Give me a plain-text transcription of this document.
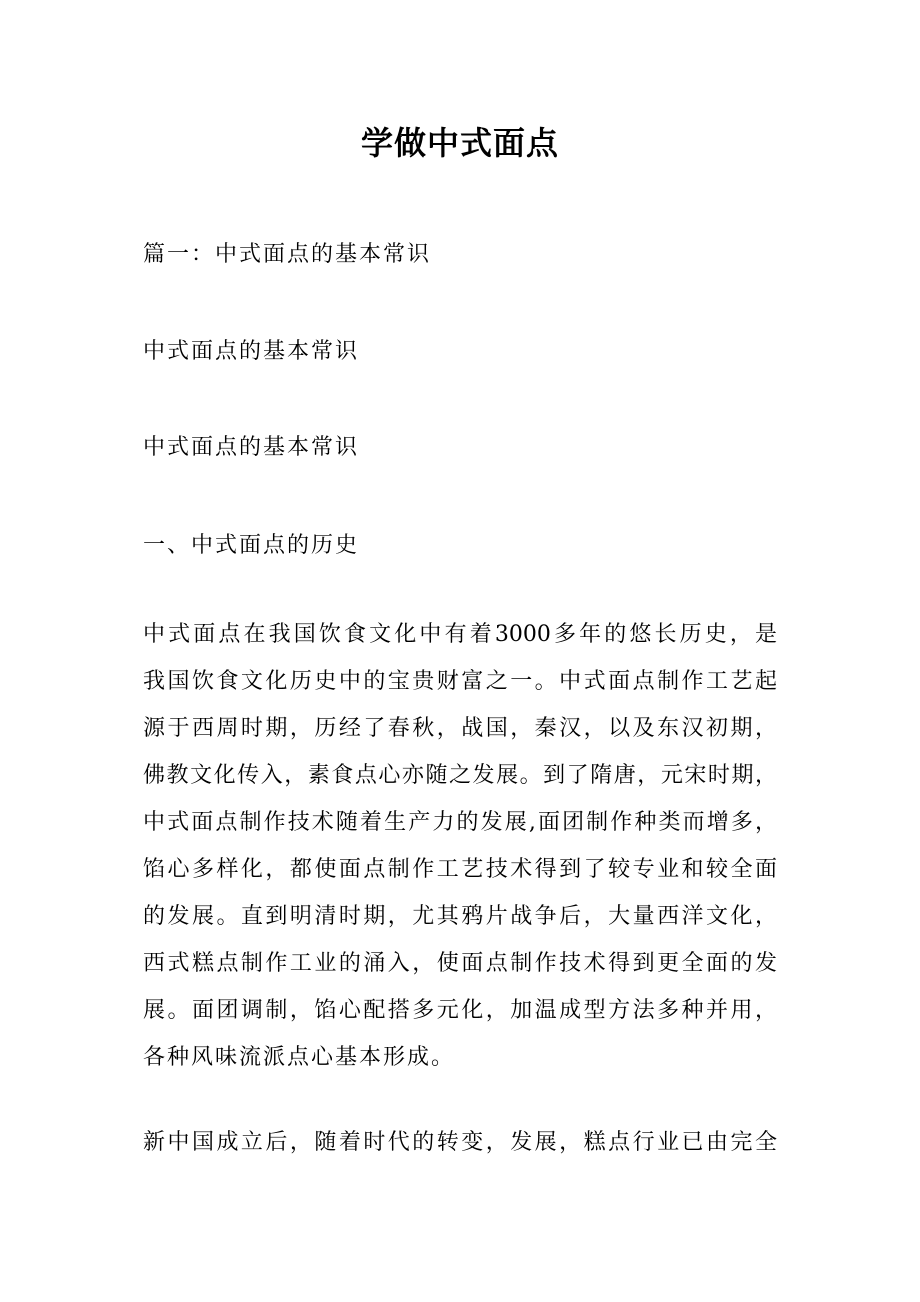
学做中式面点
篇一：中式面点的基本常识
中式面点的基本常识
中式面点的基本常识
一、中式面点的历史
中式面点在我国饮食文化中有着3000多年的悠长历史，是
我国饮食文化历史中的宝贵财富之一。中式面点制作工艺起
源于西周时期，历经了春秋，战国，秦汉，以及东汉初期，
佛教文化传入，素食点心亦随之发展。到了隋唐，元宋时期，
中式面点制作技术随着生产力的发展,面团制作种类而增多，
馅心多样化，都使面点制作工艺技术得到了较专业和较全面
的发展。直到明清时期，尤其鸦片战争后，大量西洋文化，
西式糕点制作工业的涌入，使面点制作技术得到更全面的发
展。面团调制，馅心配搭多元化，加温成型方法多种并用，
各种风味流派点心基本形成。
新中国成立后，随着时代的转变，发展，糕点行业已由完全
